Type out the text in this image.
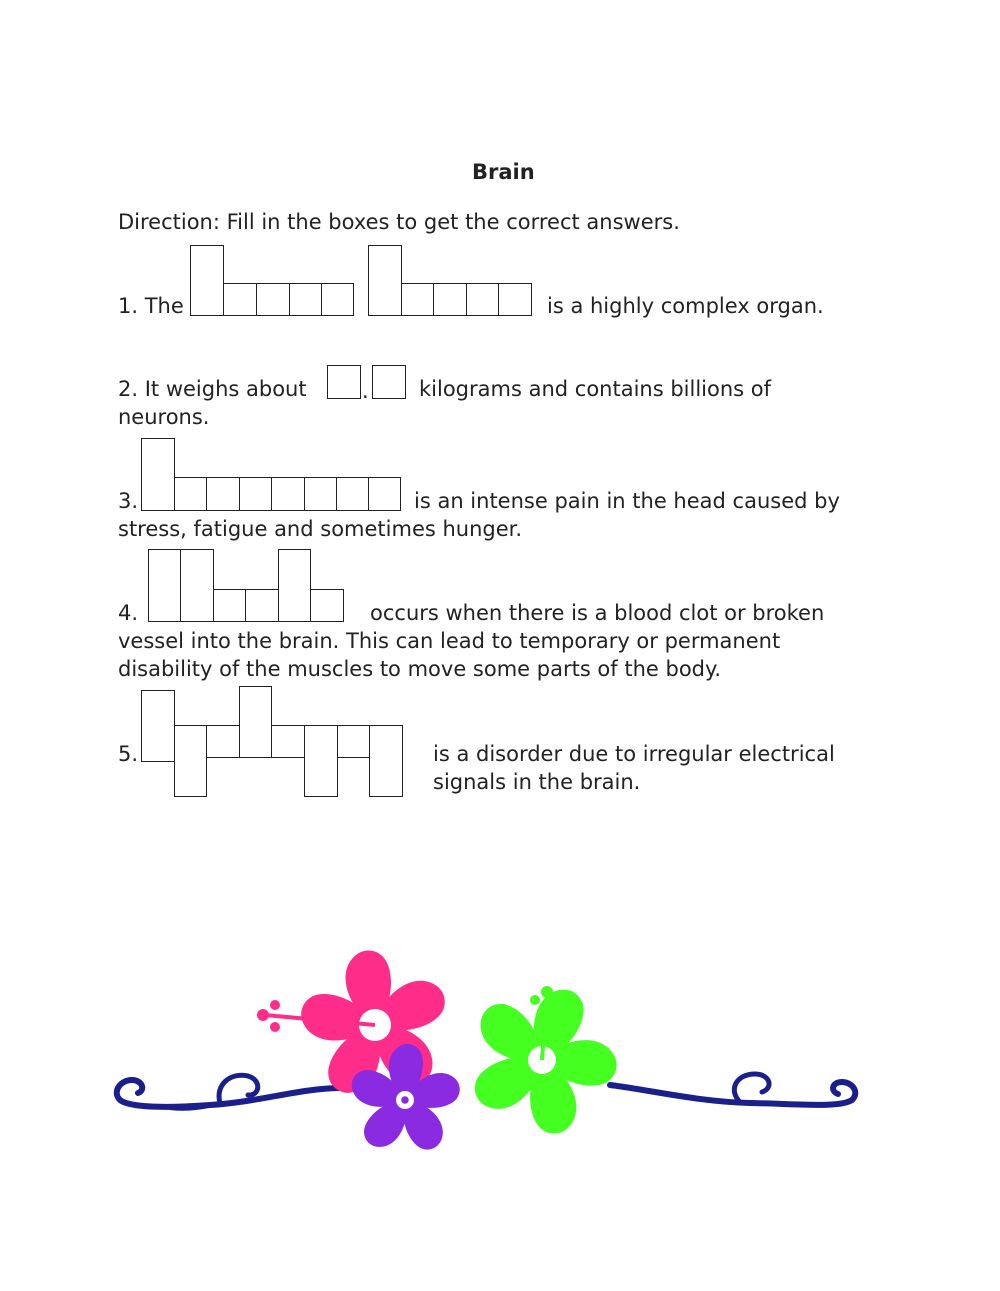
Brain
Direction: Fill in the boxes to get the correct answers.
1. The	is a highly complex organ.
2. It weighs about	. kilograms and contains billions of
neurons.
3.	is an intense pain in the head caused by
stress, fatigue and sometimes hunger.
4.	occurs when there is a blood clot or broken
vessel into the brain. This can lead to temporary or permanent
disability of the muscles to move some parts of the body.
5.	is a disorder due to irregular electrical
signals in the brain.
